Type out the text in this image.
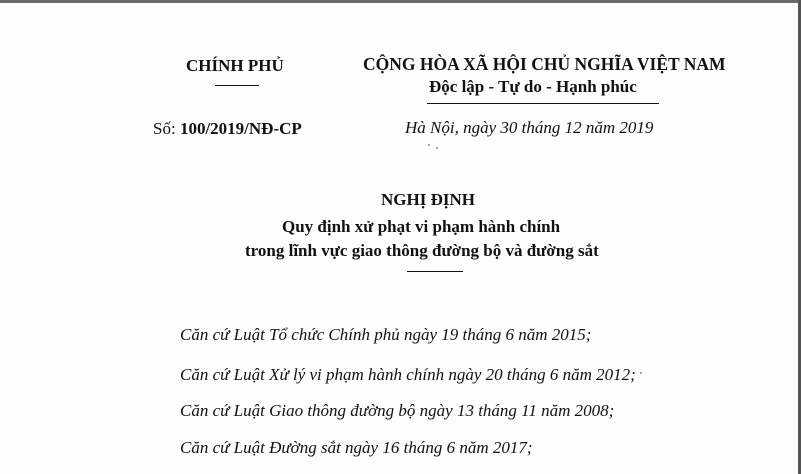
CHÍNH PHỦ	CỘNG HÒA XÃ HỘI CHỦ NGHĨA VIỆT NAM
Độc lập - Tự do - Hạnh phúc
Số: 100/2019/NĐ-CP	Hà Nội, ngày 30 tháng 12 năm 2019
NGHỊ ĐỊNH
Quy định xử phạt vi phạm hành chính
trong lĩnh vực giao thông đường bộ và đường sắt
Căn cứ Luật Tổ chức Chính phủ ngày 19 tháng 6 năm 2015;
Căn cứ Luật Xử lý vi phạm hành chính ngày 20 tháng 6 năm 2012;
Căn cứ Luật Giao thông đường bộ ngày 13 tháng 11 năm 2008;
Căn cứ Luật Đường sắt ngày 16 tháng 6 năm 2017;
